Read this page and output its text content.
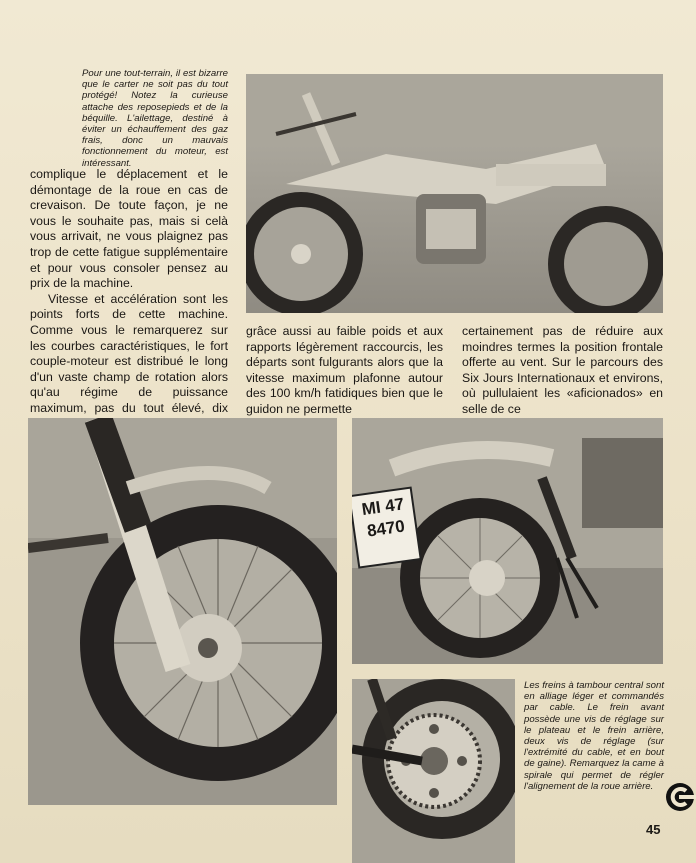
Pour une tout-terrain, il est bizarre que le carter ne soit pas du tout protégé! Notez la curieuse attache des reposepieds et de la béquille. L'ailettage, destiné à éviter un échauffement des gaz frais, donc un mauvais fonctionnement du moteur, est intéressant.

complique le déplacement et le démontage de la roue en cas de crevaison. De toute façon, je ne vous le souhaite pas, mais si celà vous arrivait, ne vous plaignez pas trop de cette fatigue supplémentaire et pour vous consoler pensez au prix de la machine.

Vitesse et accélération sont les points forts de cette machine. Comme vous le remarquerez sur les courbes caractéristiques, le fort couple-moteur est distribué le long d'un vaste champ de rotation alors qu'au régime de puissance maximum, pas du tout élevé, dix

grâce aussi au faible poids et aux rapports légèrement raccourcis, les départs sont fulgurants alors que la vitesse maximum plafonne autour des 100 km/h fatidiques bien que le guidon ne permette

certainement pas de réduire aux moindres termes la position frontale offerte au vent. Sur le parcours des Six Jours Internationaux et environs, où pullulaient les «aficionados» en selle de ce

MI 47
8470
Les freins à tambour central sont en alliage léger et commandés par cable. Le frein avant possède une vis de réglage sur le plateau et le frein arrière, deux vis de réglage (sur l'extrémité du cable, et en bout de gaine). Remarquez la came à spirale qui permet de régler l'alignement de la roue arrière.
45
